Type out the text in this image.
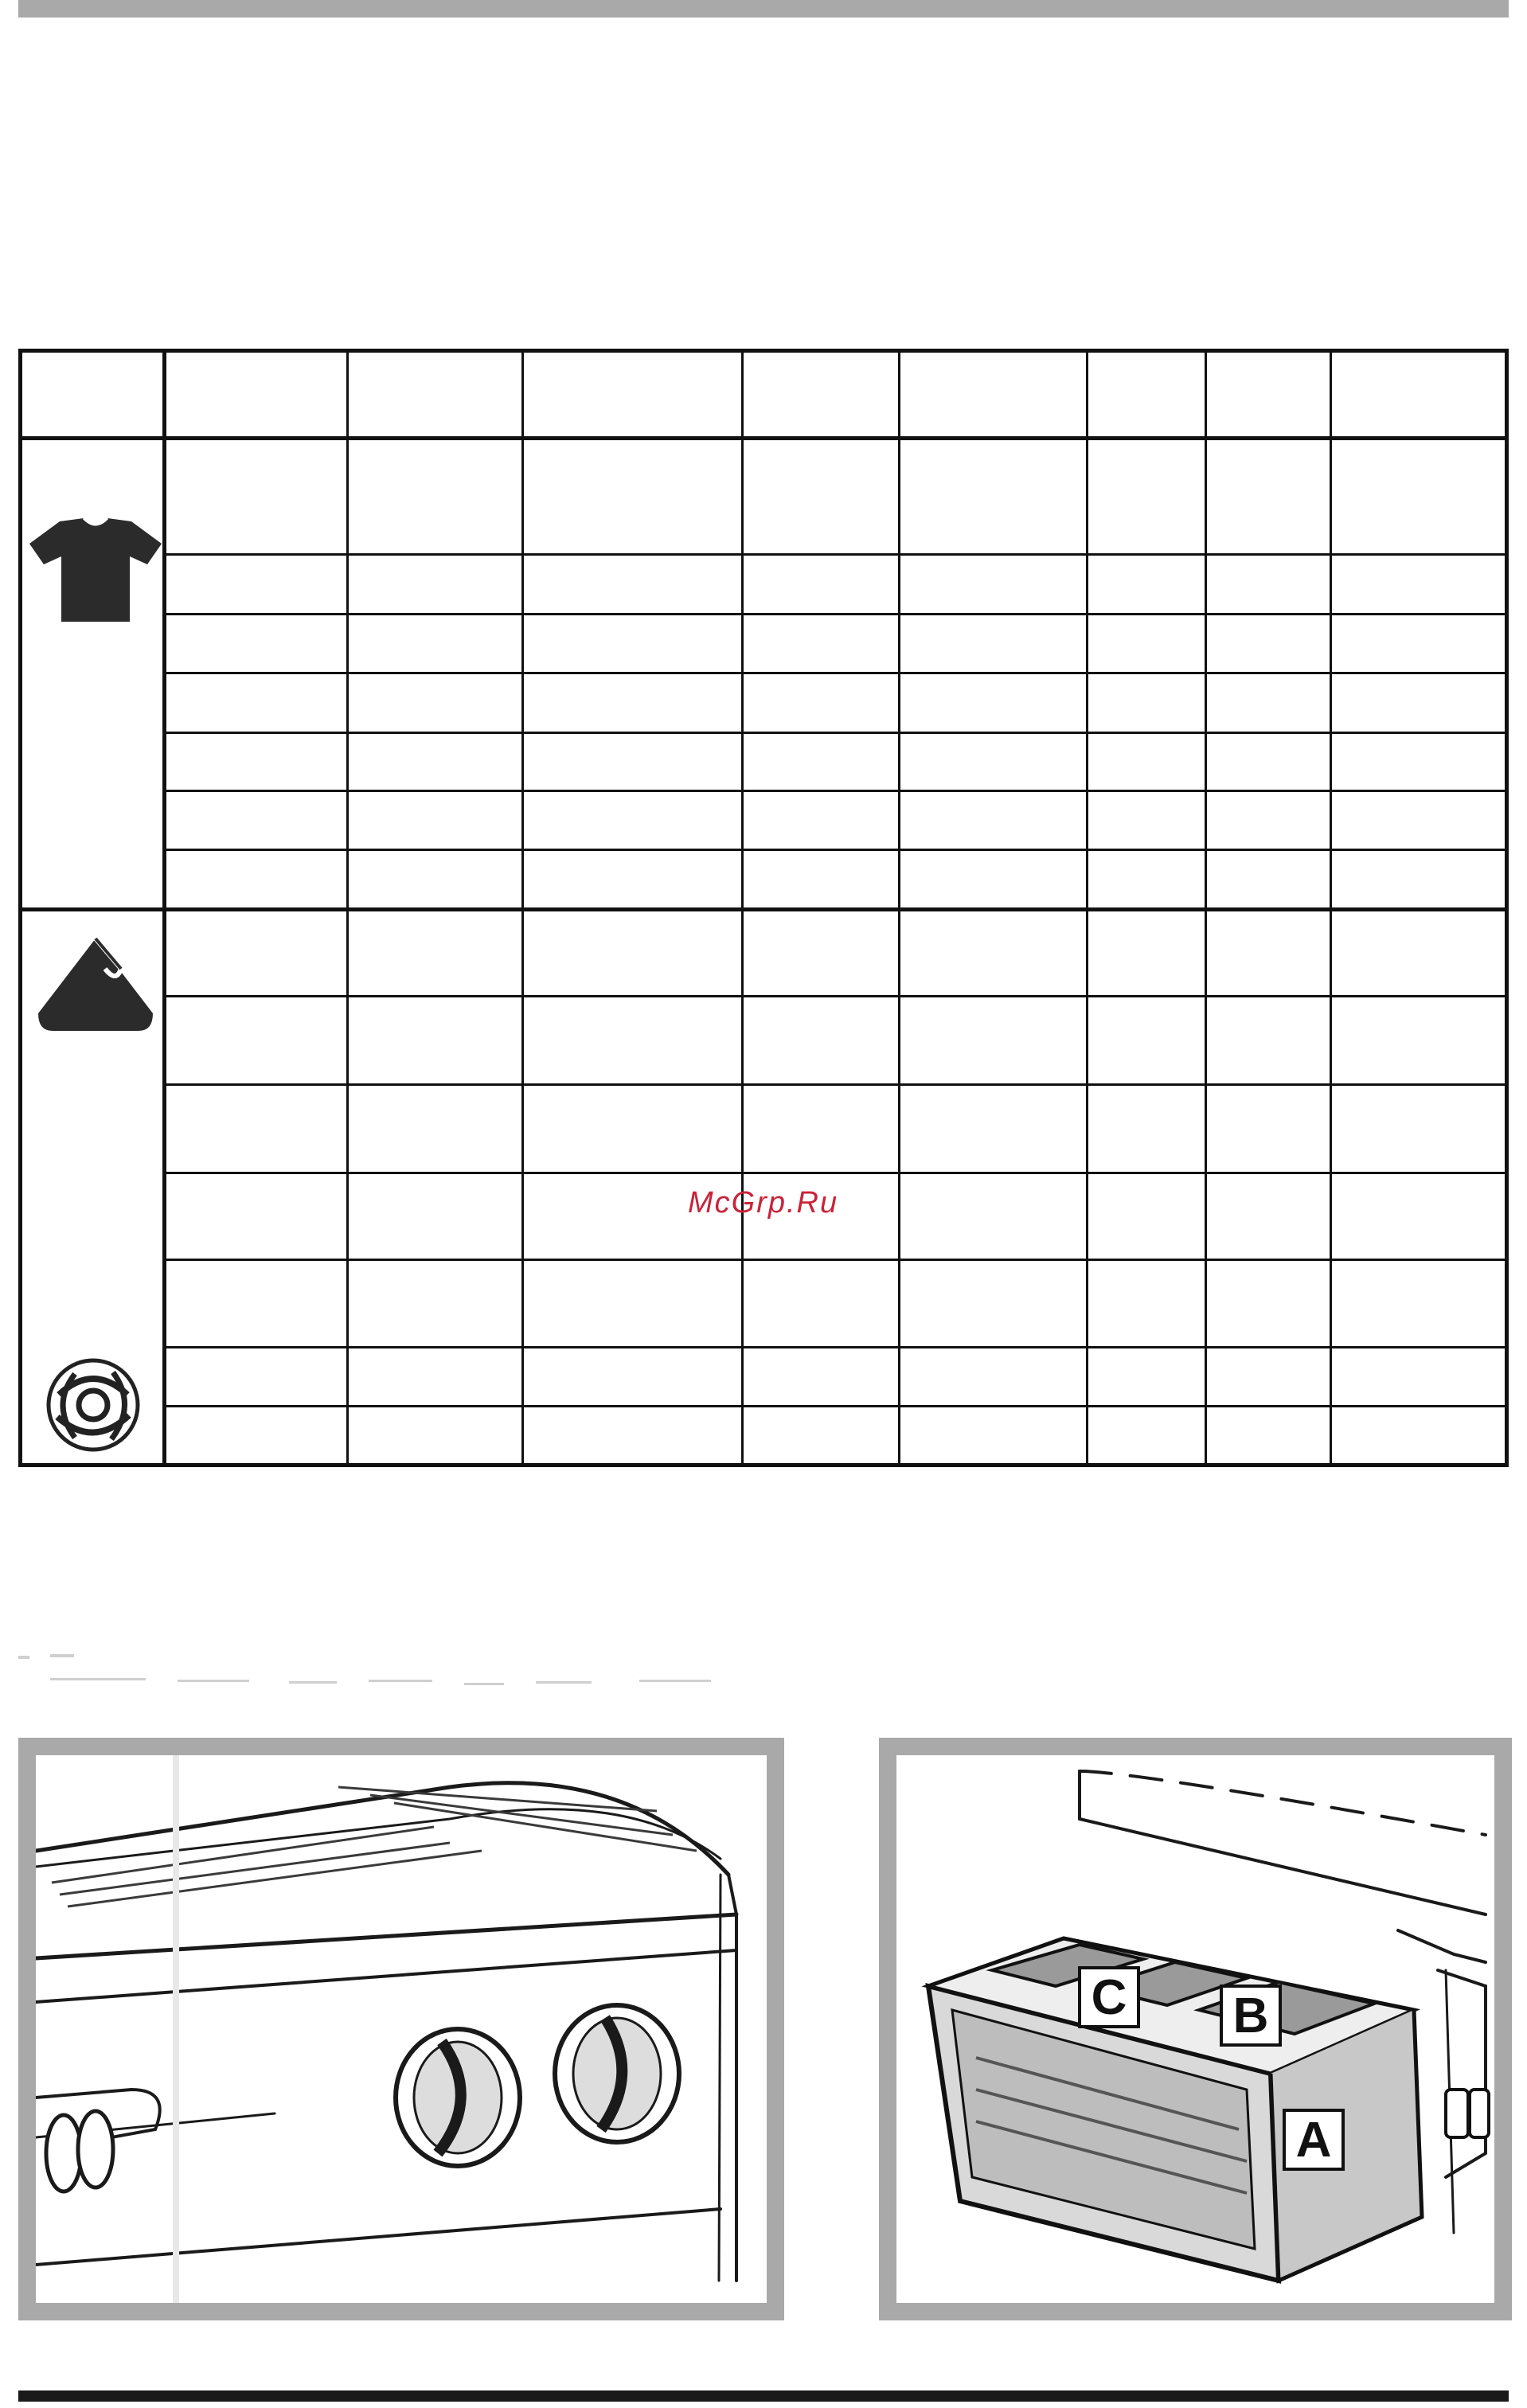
McGrp.Ru
C B
A
